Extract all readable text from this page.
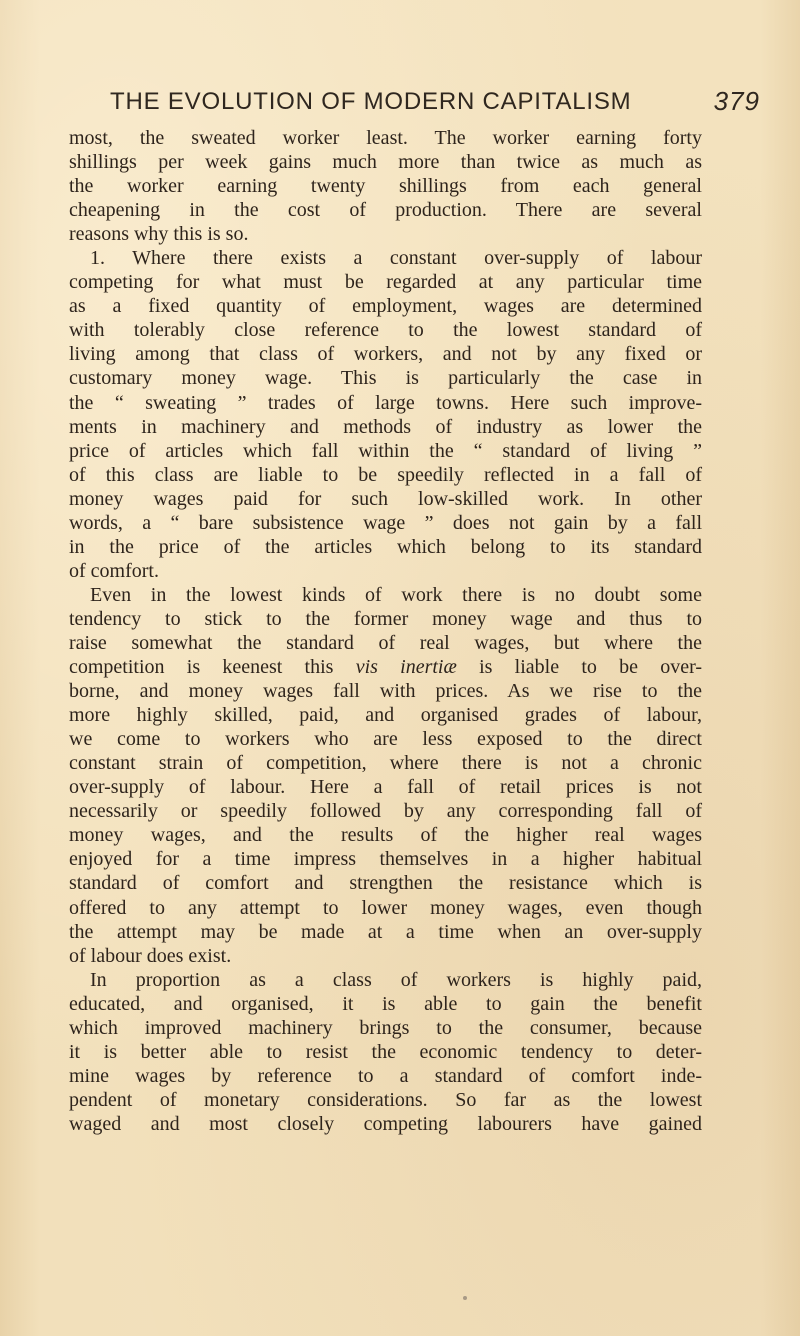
THE EVOLUTION OF MODERN CAPITALISM	379
most, the sweated worker least. The worker earning forty
shillings per week gains much more than twice as much as
the worker earning twenty shillings from each general
cheapening in the cost of production. There are several
reasons why this is so.
1. Where there exists a constant over-supply of labour
competing for what must be regarded at any particular time
as a fixed quantity of employment, wages are determined
with tolerably close reference to the lowest standard of
living among that class of workers, and not by any fixed or
customary money wage. This is particularly the case in
the “ sweating ” trades of large towns. Here such improve-
ments in machinery and methods of industry as lower the
price of articles which fall within the “ standard of living ”
of this class are liable to be speedily reflected in a fall of
money wages paid for such low-skilled work. In other
words, a “ bare subsistence wage ” does not gain by a fall
in the price of the articles which belong to its standard
of comfort.
Even in the lowest kinds of work there is no doubt some
tendency to stick to the former money wage and thus to
raise somewhat the standard of real wages, but where the
competition is keenest this vis inertiæ is liable to be over-
borne, and money wages fall with prices. As we rise to the
more highly skilled, paid, and organised grades of labour,
we come to workers who are less exposed to the direct
constant strain of competition, where there is not a chronic
over-supply of labour. Here a fall of retail prices is not
necessarily or speedily followed by any corresponding fall of
money wages, and the results of the higher real wages
enjoyed for a time impress themselves in a higher habitual
standard of comfort and strengthen the resistance which is
offered to any attempt to lower money wages, even though
the attempt may be made at a time when an over-supply
of labour does exist.
In proportion as a class of workers is highly paid,
educated, and organised, it is able to gain the benefit
which improved machinery brings to the consumer, because
it is better able to resist the economic tendency to deter-
mine wages by reference to a standard of comfort inde-
pendent of monetary considerations. So far as the lowest
waged and most closely competing labourers have gained
